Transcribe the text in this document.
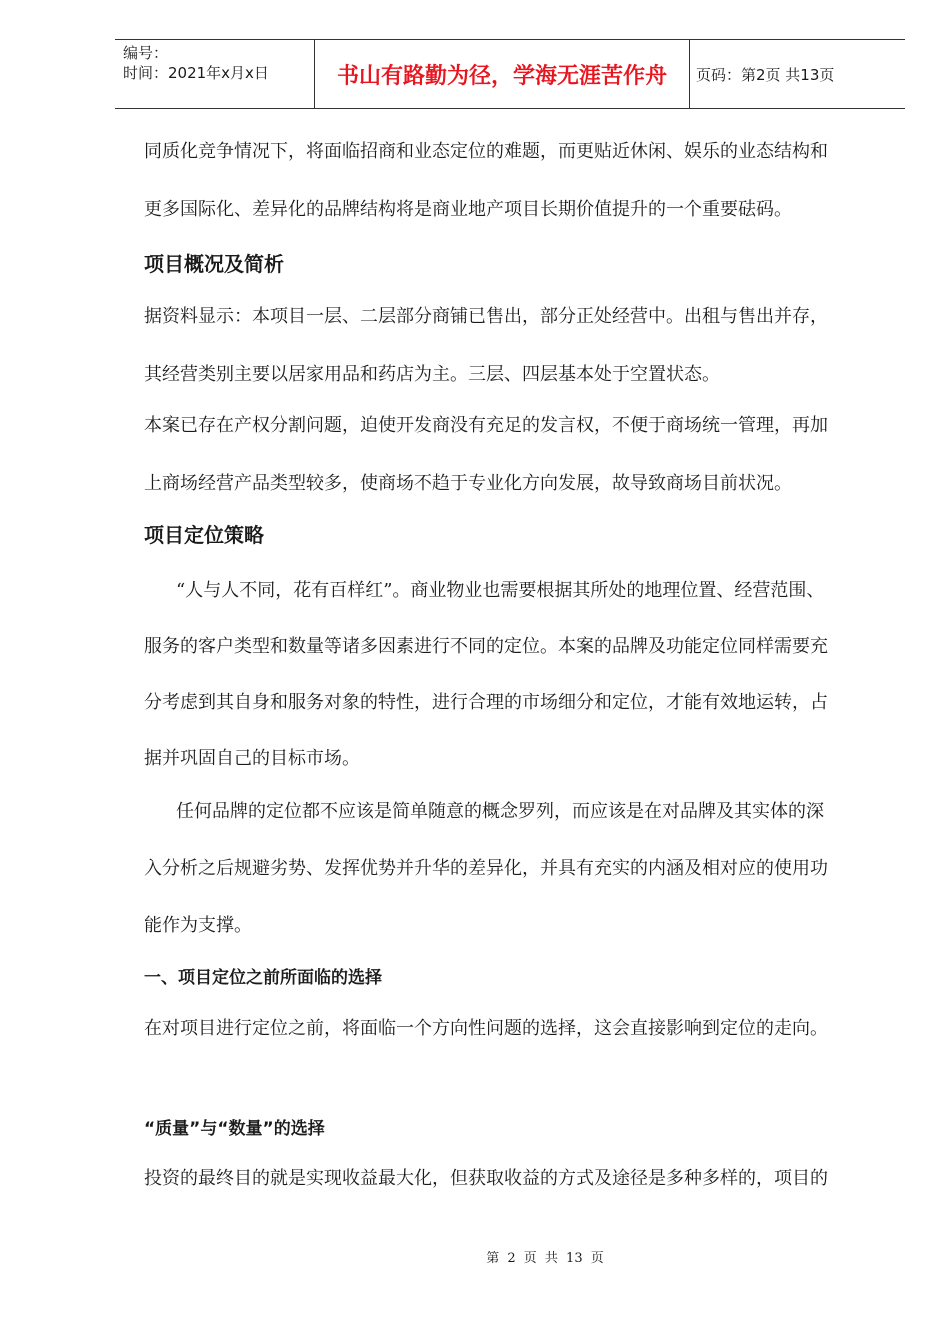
编号：
时间：2021年x月x日	书山有路勤为径，学海无涯苦作舟	页码：第2页 共13页
同质化竞争情况下，将面临招商和业态定位的难题，而更贴近休闲、娱乐的业态结构和
更多国际化、差异化的品牌结构将是商业地产项目长期价值提升的一个重要砝码。
项目概况及简析
据资料显示：本项目一层、二层部分商铺已售出，部分正处经营中。出租与售出并存，
其经营类别主要以居家用品和药店为主。三层、四层基本处于空置状态。
本案已存在产权分割问题，迫使开发商没有充足的发言权，不便于商场统一管理，再加
上商场经营产品类型较多，使商场不趋于专业化方向发展，故导致商场目前状况。
项目定位策略
“人与人不同，花有百样红”。商业物业也需要根据其所处的地理位置、经营范围、
服务的客户类型和数量等诸多因素进行不同的定位。本案的品牌及功能定位同样需要充
分考虑到其自身和服务对象的特性，进行合理的市场细分和定位，才能有效地运转，占
据并巩固自己的目标市场。
任何品牌的定位都不应该是简单随意的概念罗列，而应该是在对品牌及其实体的深
入分析之后规避劣势、发挥优势并升华的差异化，并具有充实的内涵及相对应的使用功
能作为支撑。
一、项目定位之前所面临的选择
在对项目进行定位之前，将面临一个方向性问题的选择，这会直接影响到定位的走向。
“质量”与“数量”的选择
投资的最终目的就是实现收益最大化，但获取收益的方式及途径是多种多样的，项目的
第 2 页 共 13 页
